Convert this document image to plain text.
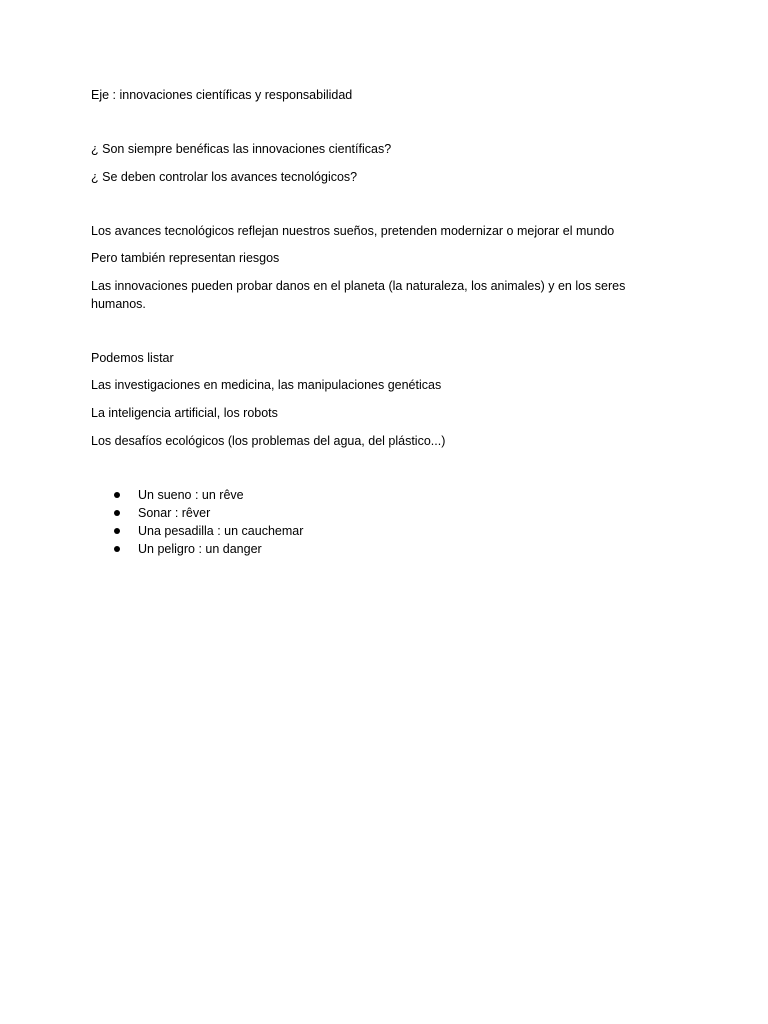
Eje : innovaciones científicas y responsabilidad
¿ Son siempre benéficas las innovaciones científicas?
¿ Se deben controlar los avances tecnológicos?
Los avances tecnológicos reflejan nuestros sueños, pretenden modernizar o mejorar el mundo
Pero también representan riesgos
Las innovaciones pueden probar danos en el planeta (la naturaleza, los animales) y en los seres humanos.
Podemos listar
Las investigaciones en medicina, las manipulaciones genéticas
La inteligencia artificial, los robots
Los desafíos ecológicos (los problemas del agua, del plástico...)
Un sueno : un rêve
Sonar : rêver
Una pesadilla : un cauchemar
Un peligro : un danger
